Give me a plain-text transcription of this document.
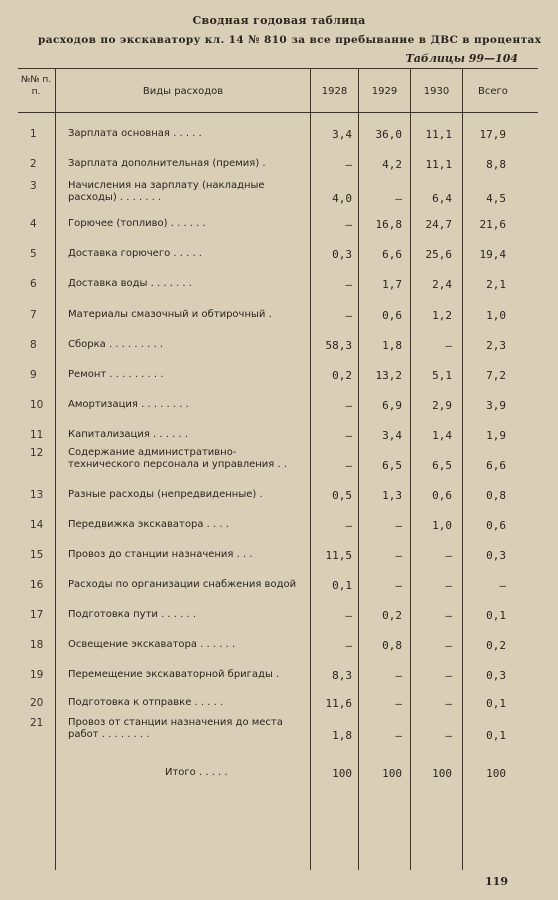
Сводная годовая таблица
расходов по экскаватору кл. 14 № 810 за все пребывание в ДВС в процентах
Таблицы 99—104
№№ п. п.	Виды расходов	1928	1929	1930	Всего
1	Зарплата основная . . . . .	3,4	36,0	11,1	17,9
2	Зарплата дополнительная (премия) .	—	4,2	11,1	8,8
3	Начисления на зарплату (накладные расходы) . . . . . . .	4,0	—	6,4	4,5
4	Горючее (топливо) . . . . . .	—	16,8	24,7	21,6
5	Доставка горючего . . . . .	0,3	6,6	25,6	19,4
6	Доставка воды . . . . . . .	—	1,7	2,4	2,1
7	Материалы смазочный и обтирочный .	—	0,6	1,2	1,0
8	Сборка . . . . . . . . .	58,3	1,8	—	2,3
9	Ремонт . . . . . . . . .	0,2	13,2	5,1	7,2
10	Амортизация . . . . . . . .	—	6,9	2,9	3,9
11	Капитализация . . . . . .	—	3,4	1,4	1,9
12	Содержание административно-технического персонала и управления . .	—	6,5	6,5	6,6
13	Разные расходы (непредвиденные) .	0,5	1,3	0,6	0,8
14	Передвижка экскаватора . . . .	—	—	1,0	0,6
15	Провоз до станции назначения . . .	11,5	—	—	0,3
16	Расходы по организации снабжения водой	0,1	—	—	—
17	Подготовка пути . . . . . .	—	0,2	—	0,1
18	Освещение экскаватора . . . . . .	—	0,8	—	0,2
19	Перемещение экскаваторной бригады .	8,3	—	—	0,3
20	Подготовка к отправке . . . . .	11,6	—	—	0,1
21	Провоз от станции назначения до места работ . . . . . . . .	1,8	—	—	0,1
Итого . . . . .	100	100	100	100
119
